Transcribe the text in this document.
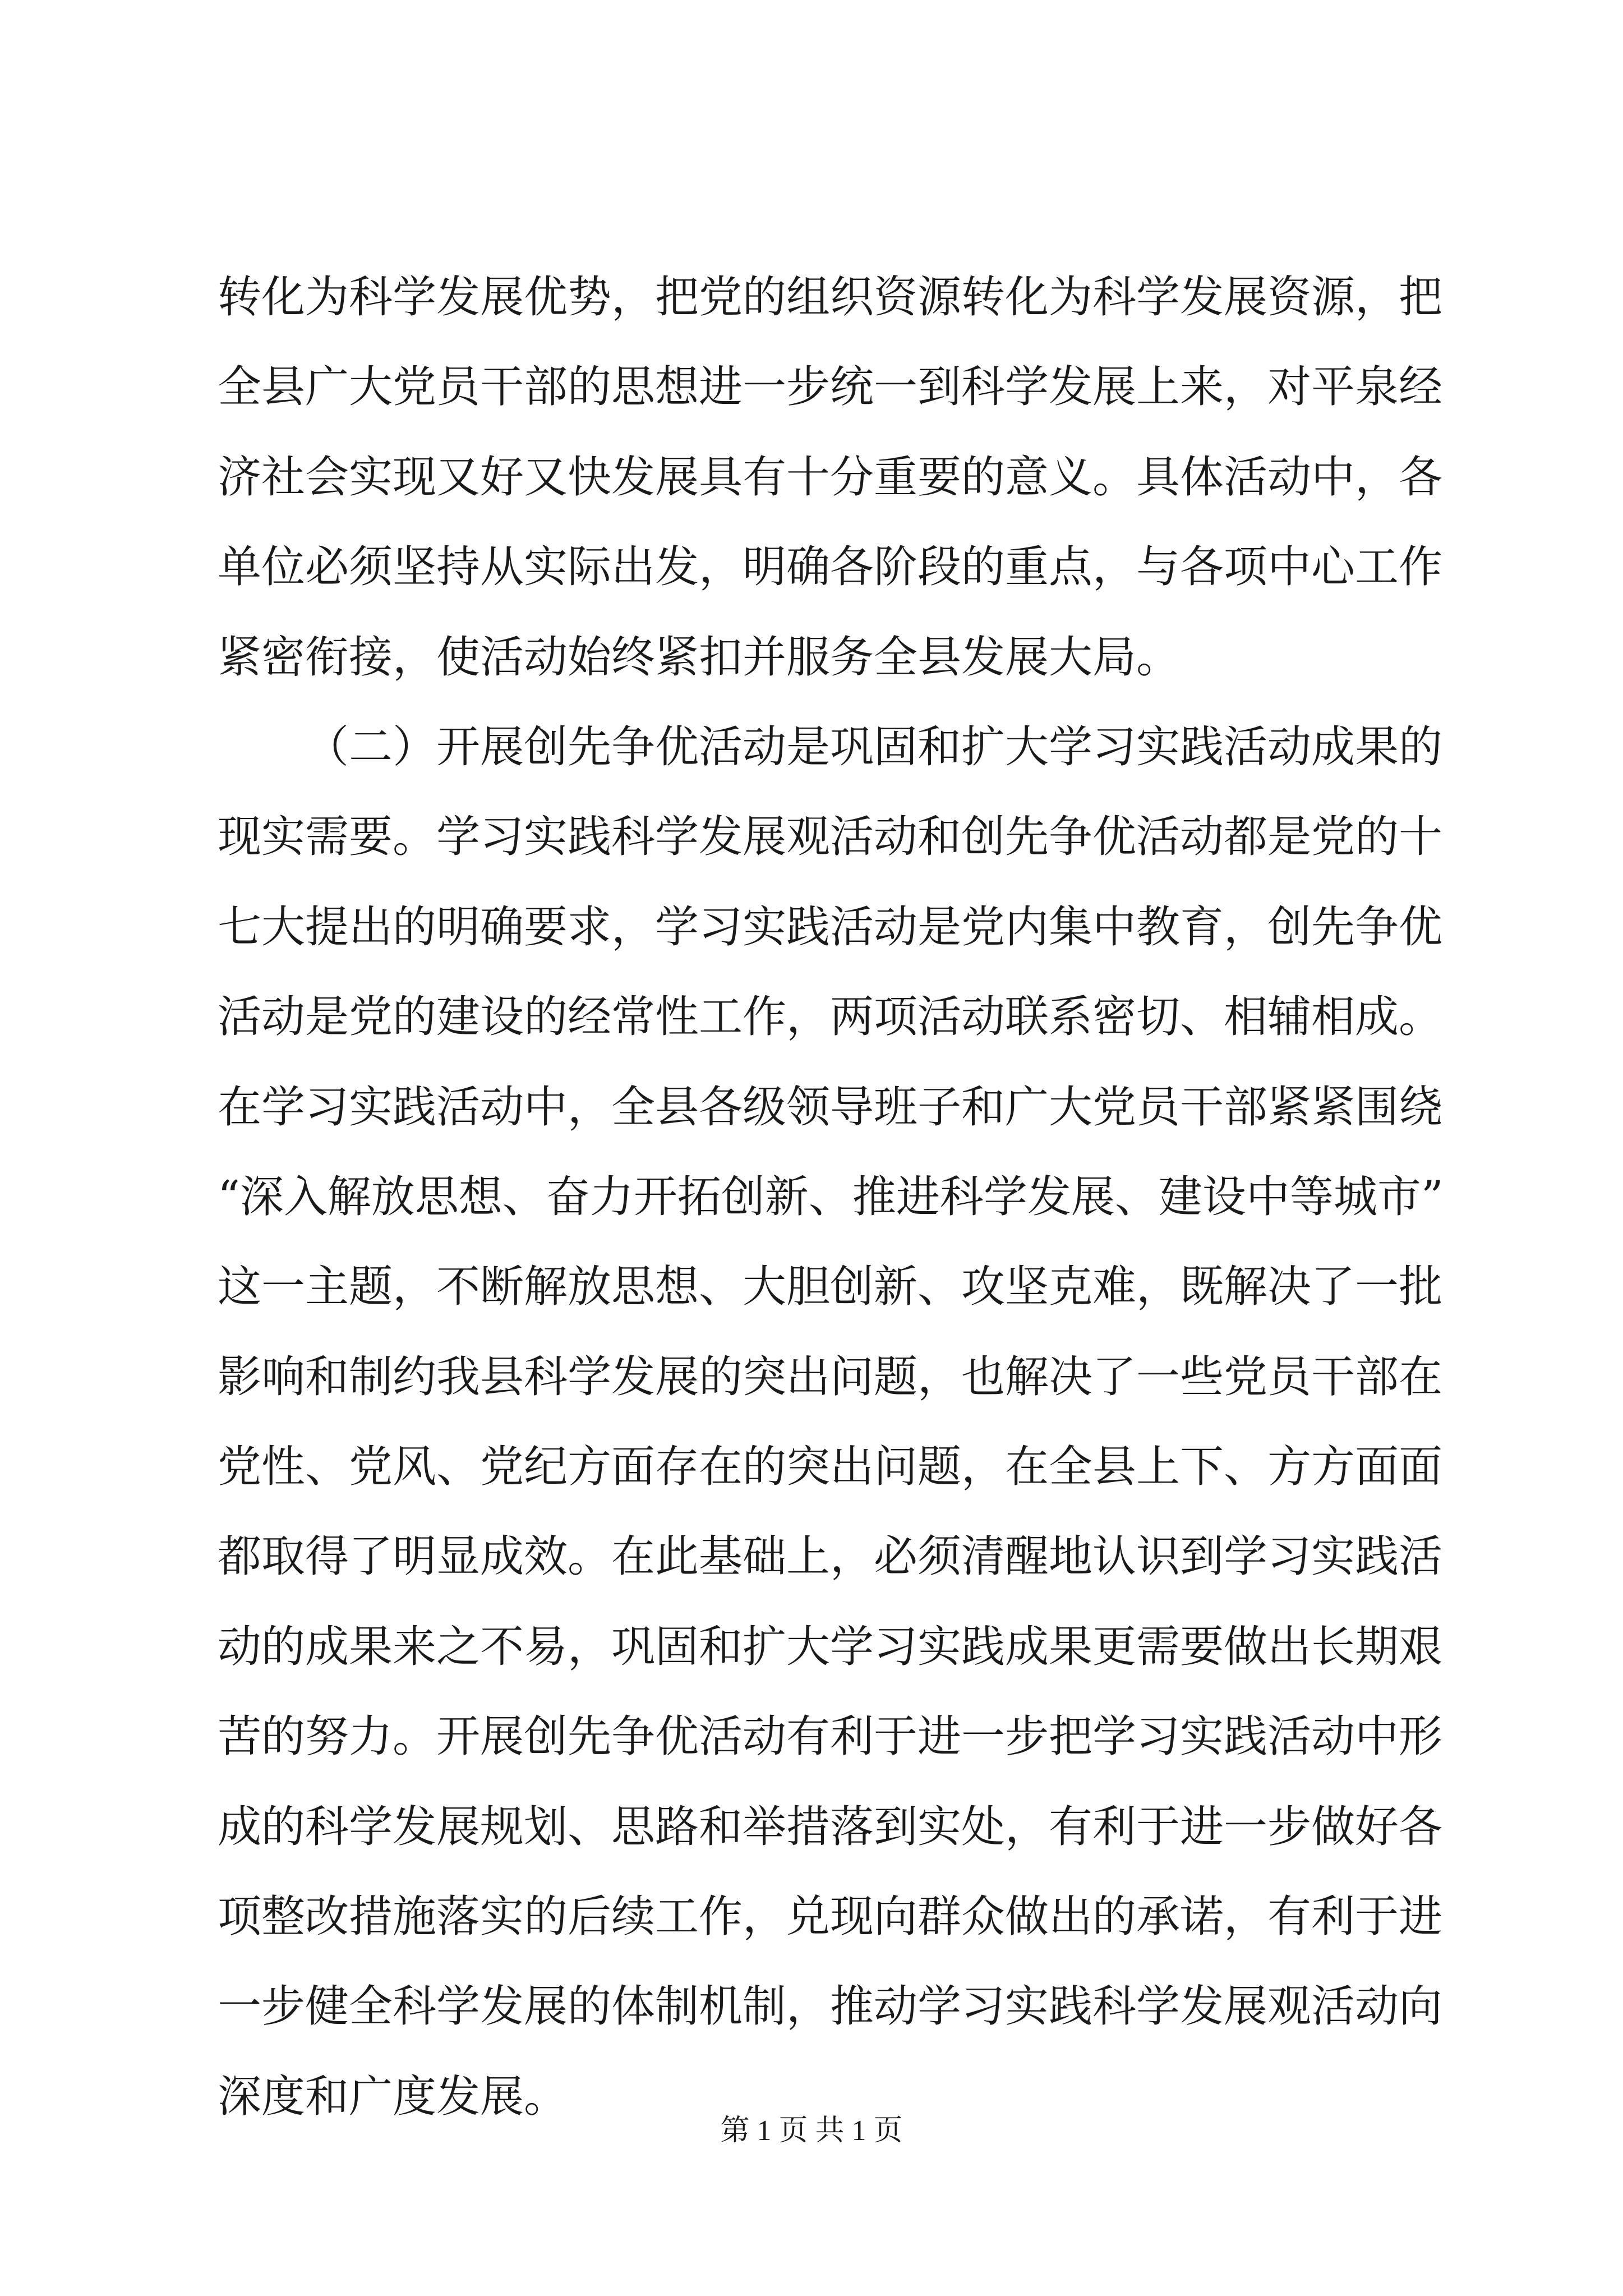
转化为科学发展优势，把党的组织资源转化为科学发展资源，把
全县广大党员干部的思想进一步统一到科学发展上来，对平泉经
济社会实现又好又快发展具有十分重要的意义。具体活动中，各
单位必须坚持从实际出发，明确各阶段的重点，与各项中心工作
紧密衔接，使活动始终紧扣并服务全县发展大局。
（二）开展创先争优活动是巩固和扩大学习实践活动成果的
现实需要。学习实践科学发展观活动和创先争优活动都是党的十
七大提出的明确要求，学习实践活动是党内集中教育，创先争优
活动是党的建设的经常性工作，两项活动联系密切、相辅相成。
在学习实践活动中，全县各级领导班子和广大党员干部紧紧围绕
“深入解放思想、奋力开拓创新、推进科学发展、建设中等城市”
这一主题，不断解放思想、大胆创新、攻坚克难，既解决了一批
影响和制约我县科学发展的突出问题，也解决了一些党员干部在
党性、党风、党纪方面存在的突出问题，在全县上下、方方面面
都取得了明显成效。在此基础上，必须清醒地认识到学习实践活
动的成果来之不易，巩固和扩大学习实践成果更需要做出长期艰
苦的努力。开展创先争优活动有利于进一步把学习实践活动中形
成的科学发展规划、思路和举措落到实处，有利于进一步做好各
项整改措施落实的后续工作，兑现向群众做出的承诺，有利于进
一步健全科学发展的体制机制，推动学习实践科学发展观活动向
深度和广度发展。
第 1 页 共 1 页
